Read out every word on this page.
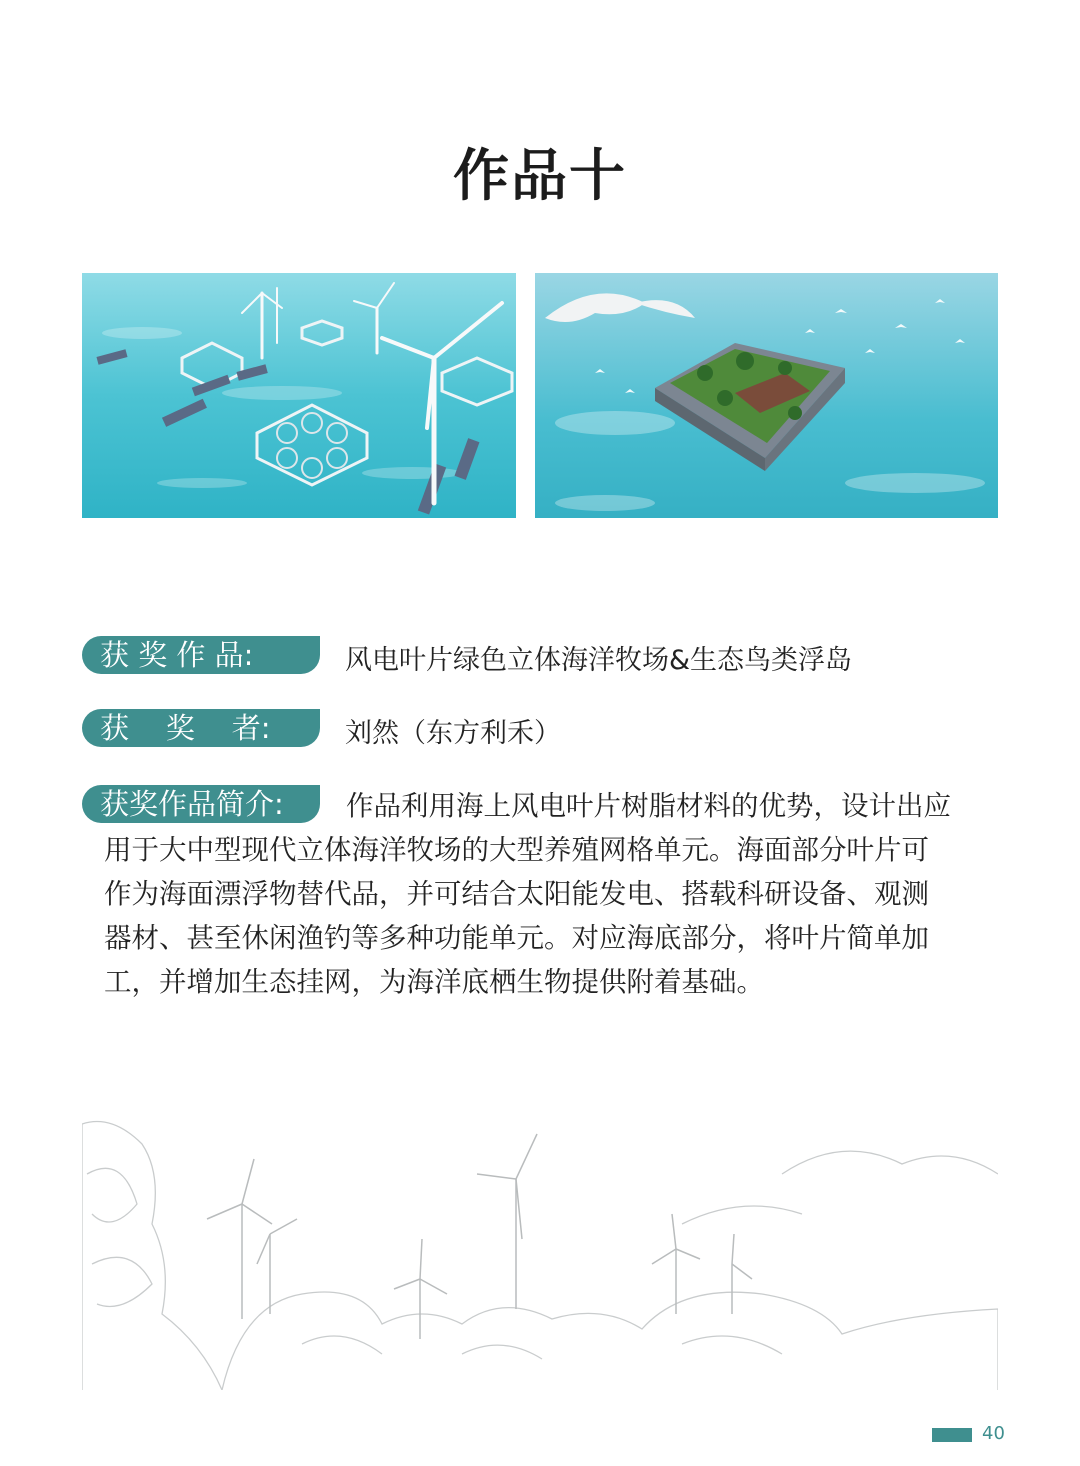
作品十
获 奖 作 品:	风电叶片绿色立体海洋牧场&生态鸟类浮岛
获    奖    者:	刘然（东方利禾）
获奖作品简介:	作品利用海上风电叶片树脂材料的优势，设计出应
用于大中型现代立体海洋牧场的大型养殖网格单元。海面部分叶片可
作为海面漂浮物替代品，并可结合太阳能发电、搭载科研设备、观测
器材、甚至休闲渔钓等多种功能单元。对应海底部分，将叶片简单加
工，并增加生态挂网，为海洋底栖生物提供附着基础。
40
